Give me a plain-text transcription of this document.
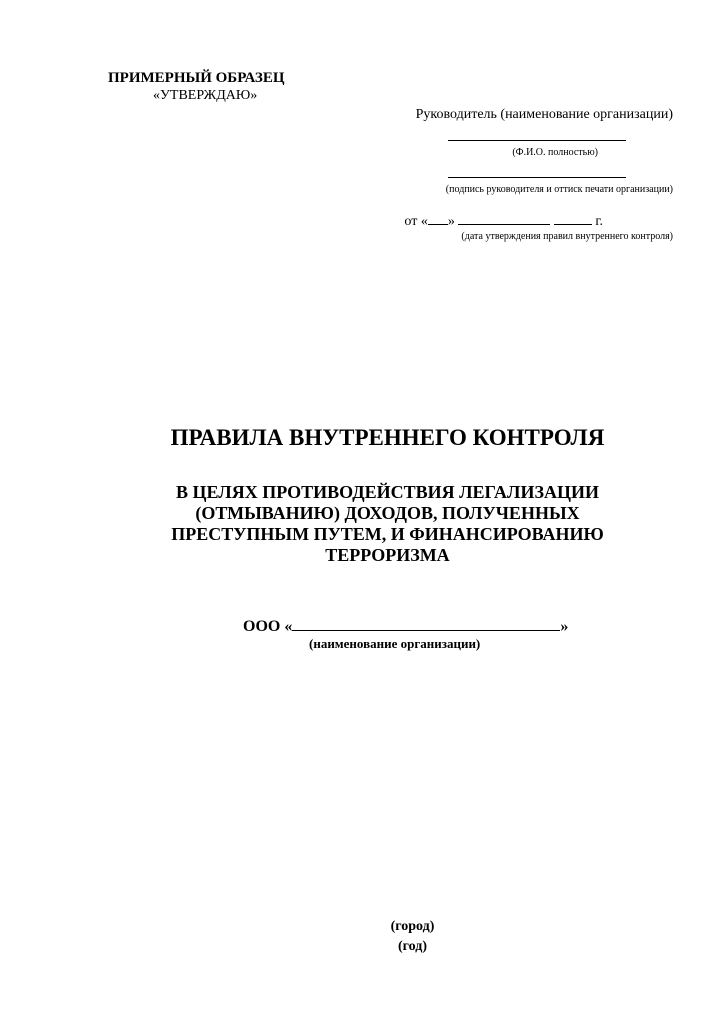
ПРИМЕРНЫЙ ОБРАЗЕЦ
«УТВЕРЖДАЮ»
Руководитель (наименование организации)
(Ф.И.О. полностью)
(подпись руководителя и оттиск печати организации)
от « »	г.
(дата утверждения правил внутреннего контроля)
ПРАВИЛА ВНУТРЕННЕГО КОНТРОЛЯ
В ЦЕЛЯХ ПРОТИВОДЕЙСТВИЯ ЛЕГАЛИЗАЦИИ
(ОТМЫВАНИЮ) ДОХОДОВ, ПОЛУЧЕННЫХ
ПРЕСТУПНЫМ ПУТЕМ, И ФИНАНСИРОВАНИЮ
ТЕРРОРИЗМА
ООО «	»
(наименование организации)
(город)
(год)
